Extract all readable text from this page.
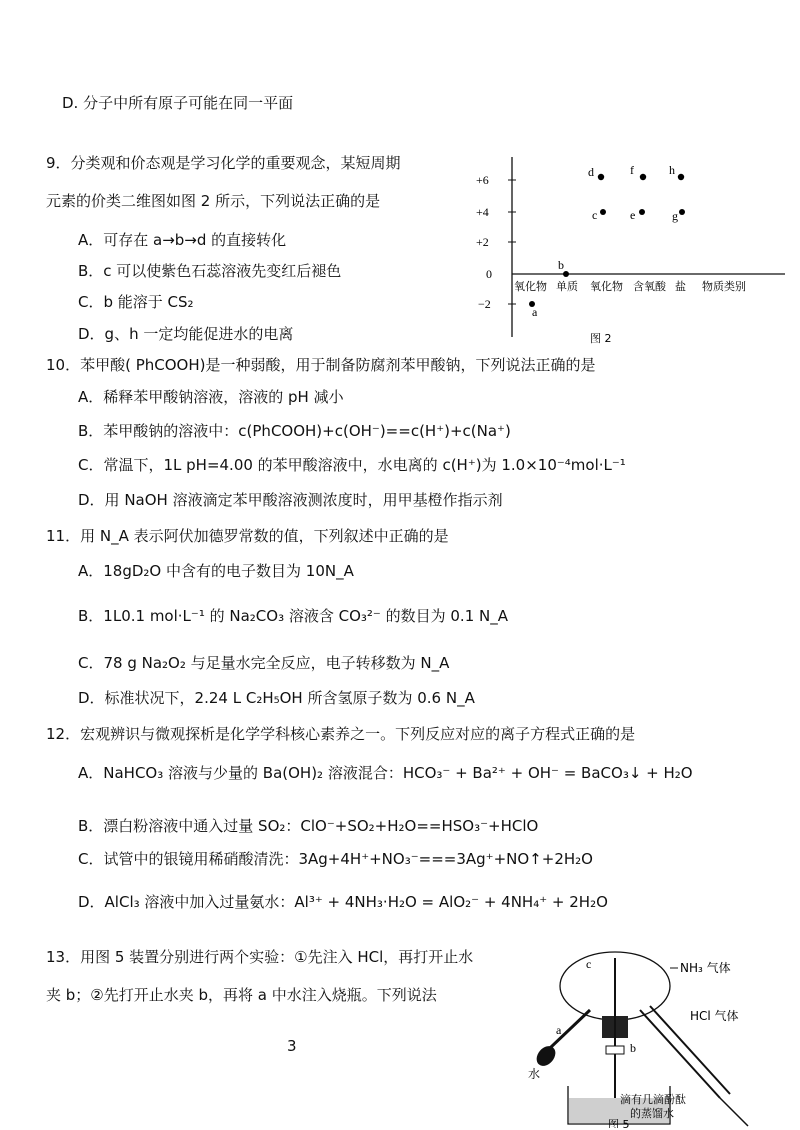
D. 分子中所有原子可能在同一平面
9．分类观和价态观是学习化学的重要观念，某短周期
元素的价类二维图如图 2 所示，下列说法正确的是
A．可存在 a→b→d 的直接转化
B．c 可以使紫色石蕊溶液先变红后褪色
C．b 能溶于 CS₂
D．g、h 一定均能促进水的电离
+6
+4
+2
0
−2
氧化物 单质 氧化物 含氧酸 盐 物质类别
a
b
c
d
e
f
g
h
图 2
10．苯甲酸( PhCOOH)是一种弱酸，用于制备防腐剂苯甲酸钠，下列说法正确的是
A．稀释苯甲酸钠溶液，溶液的 pH 减小
B．苯甲酸钠的溶液中：c(PhCOOH)+c(OH⁻)==c(H⁺)+c(Na⁺)
C．常温下，1L pH=4.00 的苯甲酸溶液中，水电离的 c(H⁺)为 1.0×10⁻⁴mol·L⁻¹
D．用 NaOH 溶液滴定苯甲酸溶液测浓度时，用甲基橙作指示剂
11．用 N_A 表示阿伏加德罗常数的值，下列叙述中正确的是
A．18gD₂O 中含有的电子数目为 10N_A
B．1L0.1 mol·L⁻¹ 的 Na₂CO₃ 溶液含 CO₃²⁻ 的数目为 0.1 N_A
C．78 g Na₂O₂ 与足量水完全反应，电子转移数为 N_A
D．标准状况下，2.24 L C₂H₅OH 所含氢原子数为 0.6 N_A
12．宏观辨识与微观探析是化学学科核心素养之一。下列反应对应的离子方程式正确的是
A．NaHCO₃ 溶液与少量的 Ba(OH)₂ 溶液混合：HCO₃⁻ + Ba²⁺ + OH⁻ = BaCO₃↓ + H₂O
B．漂白粉溶液中通入过量 SO₂：ClO⁻+SO₂+H₂O==HSO₃⁻+HClO
C．试管中的银镜用稀硝酸清洗：3Ag+4H⁺+NO₃⁻===3Ag⁺+NO↑+2H₂O
D．AlCl₃ 溶液中加入过量氨水：Al³⁺ + 4NH₃·H₂O = AlO₂⁻ + 4NH₄⁺ + 2H₂O
13．用图 5 装置分别进行两个实验：①先注入 HCl，再打开止水
夹 b；②先打开止水夹 b，再将 a 中水注入烧瓶。下列说法
c	NH₃ 气体
HCl 气体
a
b
水
滴有几滴酚酞
的蒸馏水
图 5
3
